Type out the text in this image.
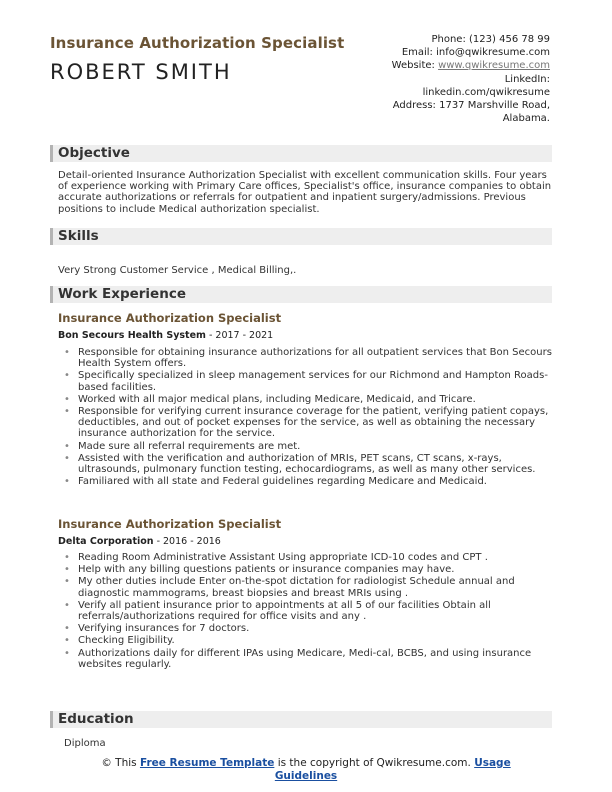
Insurance Authorization Specialist
ROBERT SMITH
Phone: (123) 456 78 99
Email: info@qwikresume.com
Website: www.qwikresume.com
LinkedIn:
linkedin.com/qwikresume
Address: 1737 Marshville Road,
Alabama.
Objective
Detail-oriented Insurance Authorization Specialist with excellent communication skills. Four years of experience working with Primary Care offices, Specialist's office, insurance companies to obtain accurate authorizations or referrals for outpatient and inpatient surgery/admissions. Previous positions to include Medical authorization specialist.
Skills
Very Strong Customer Service , Medical Billing,.
Work Experience
Insurance Authorization Specialist
Bon Secours Health System - 2017 - 2021
• Responsible for obtaining insurance authorizations for all outpatient services that Bon Secours Health System offers.
• Specifically specialized in sleep management services for our Richmond and Hampton Roads-based facilities.
• Worked with all major medical plans, including Medicare, Medicaid, and Tricare.
• Responsible for verifying current insurance coverage for the patient, verifying patient copays, deductibles, and out of pocket expenses for the service, as well as obtaining the necessary insurance authorization for the service.
• Made sure all referral requirements are met.
• Assisted with the verification and authorization of MRIs, PET scans, CT scans, x-rays, ultrasounds, pulmonary function testing, echocardiograms, as well as many other services.
• Familiared with all state and Federal guidelines regarding Medicare and Medicaid.
Insurance Authorization Specialist
Delta Corporation - 2016 - 2016
• Reading Room Administrative Assistant Using appropriate ICD-10 codes and CPT .
• Help with any billing questions patients or insurance companies may have.
• My other duties include Enter on-the-spot dictation for radiologist Schedule annual and diagnostic mammograms, breast biopsies and breast MRIs using .
• Verify all patient insurance prior to appointments at all 5 of our facilities Obtain all referrals/authorizations required for office visits and any .
• Verifying insurances for 7 doctors.
• Checking Eligibility.
• Authorizations daily for different IPAs using Medicare, Medi-cal, BCBS, and using insurance websites regularly.
Education
Diploma
© This Free Resume Template is the copyright of Qwikresume.com. Usage
Guidelines
